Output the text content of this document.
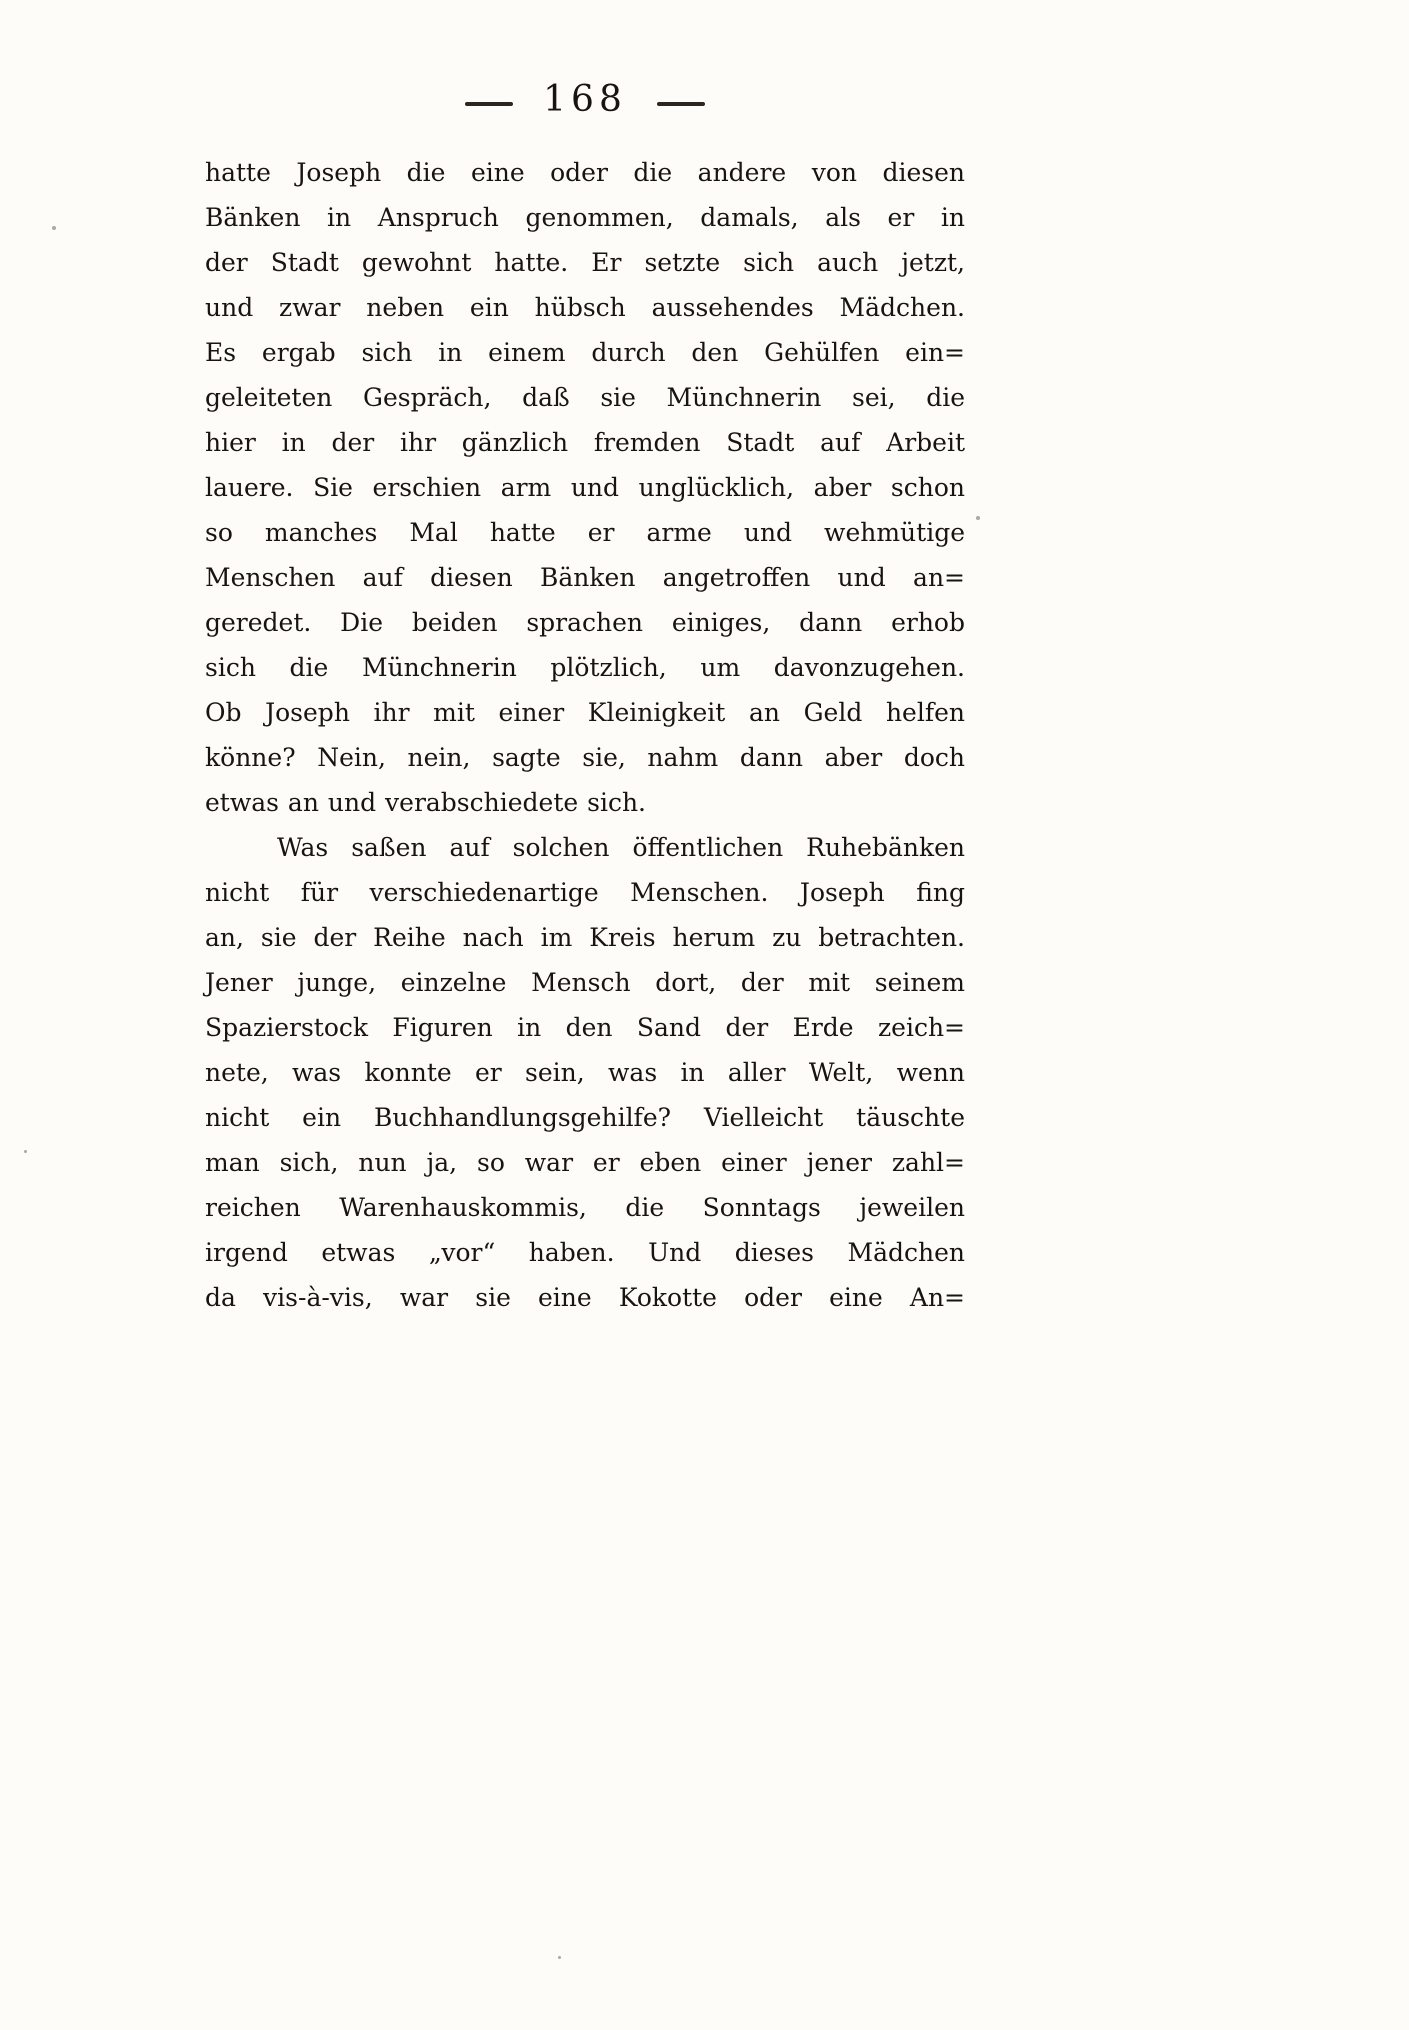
168
hatte Joseph die eine oder die andere von diesen
Bänken in Anspruch genommen, damals, als er in
der Stadt gewohnt hatte. Er setzte sich auch jetzt,
und zwar neben ein hübsch aussehendes Mädchen.
Es ergab sich in einem durch den Gehülfen ein=
geleiteten Gespräch, daß sie Münchnerin sei, die
hier in der ihr gänzlich fremden Stadt auf Arbeit
lauere. Sie erschien arm und unglücklich, aber schon
so manches Mal hatte er arme und wehmütige
Menschen auf diesen Bänken angetroffen und an=
geredet. Die beiden sprachen einiges, dann erhob
sich die Münchnerin plötzlich, um davonzugehen.
Ob Joseph ihr mit einer Kleinigkeit an Geld helfen
könne? Nein, nein, sagte sie, nahm dann aber doch
etwas an und verabschiedete sich.
Was saßen auf solchen öffentlichen Ruhebänken
nicht für verschiedenartige Menschen. Joseph fing
an, sie der Reihe nach im Kreis herum zu betrachten.
Jener junge, einzelne Mensch dort, der mit seinem
Spazierstock Figuren in den Sand der Erde zeich=
nete, was konnte er sein, was in aller Welt, wenn
nicht ein Buchhandlungsgehilfe? Vielleicht täuschte
man sich, nun ja, so war er eben einer jener zahl=
reichen Warenhauskommis, die Sonntags jeweilen
irgend etwas „vor“ haben. Und dieses Mädchen
da vis-à-vis, war sie eine Kokotte oder eine An=
